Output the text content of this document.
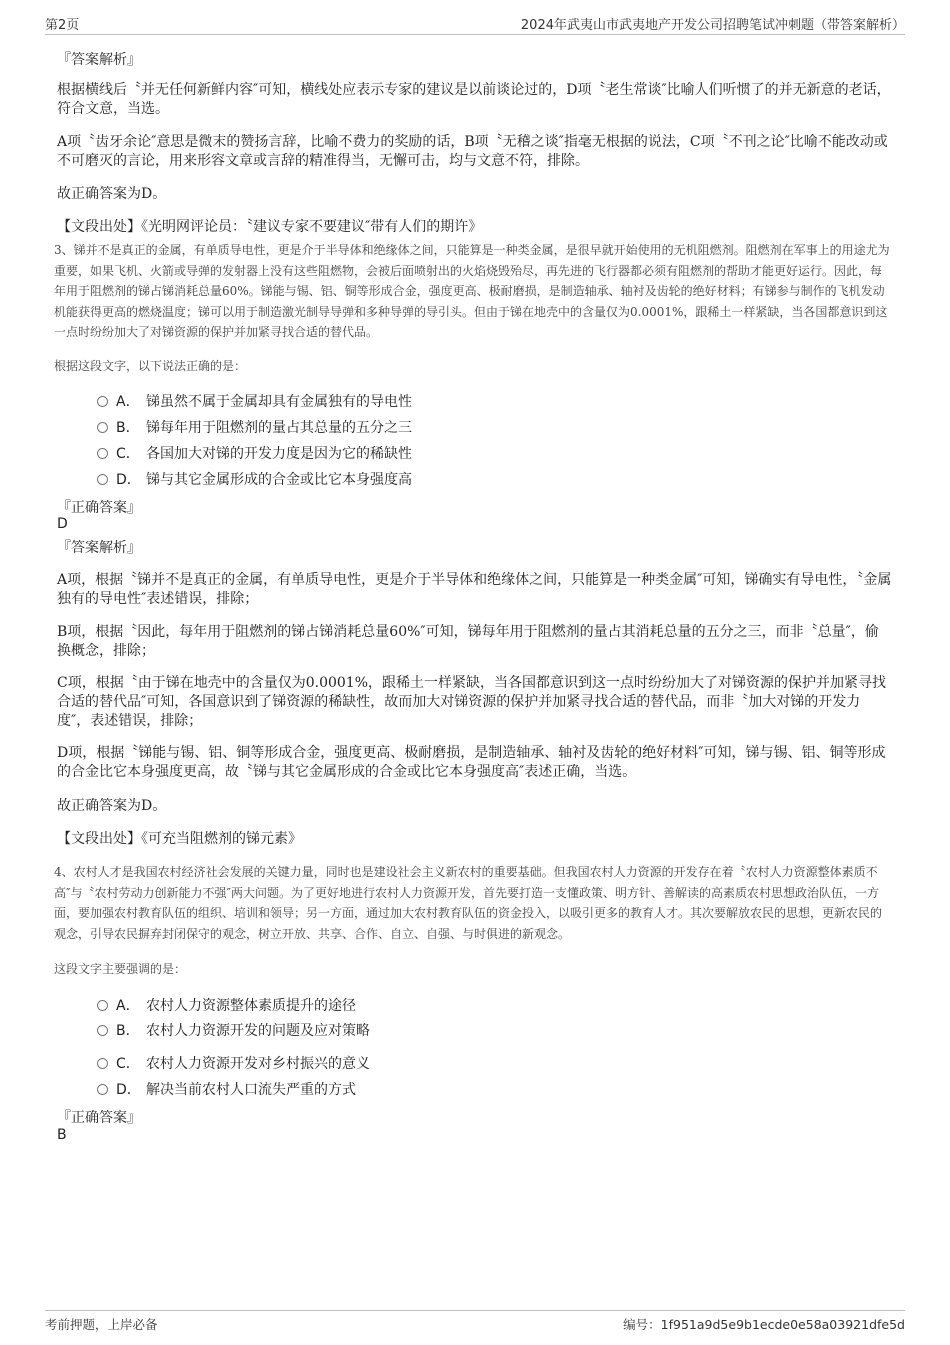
第2页	2024年武夷山市武夷地产开发公司招聘笔试冲刺题（带答案解析）
『答案解析』
根据横线后〝并无任何新鲜内容″可知，横线处应表示专家的建议是以前谈论过的，D项〝老生常谈″比喻人们听惯了的并无新意的老话，符合文意，当选。
A项〝齿牙余论″意思是微末的赞扬言辞，比喻不费力的奖励的话，B项〝无稽之谈″指毫无根据的说法，C项〝不刊之论″比喻不能改动或不可磨灭的言论，用来形容文章或言辞的精准得当，无懈可击，均与文意不符，排除。
故正确答案为D。
【文段出处】《光明网评论员：〝建议专家不要建议″带有人们的期许》
3、锑并不是真正的金属，有单质导电性，更是介于半导体和绝缘体之间，只能算是一种类金属，是很早就开始使用的无机阻燃剂。阻燃剂在军事上的用途尤为重要，如果飞机、火箭或导弹的发射器上没有这些阻燃物，会被后面喷射出的火焰烧毁殆尽，再先进的飞行器都必须有阻燃剂的帮助才能更好运行。因此，每年用于阻燃剂的锑占锑消耗总量60%。锑能与锡、铝、铜等形成合金，强度更高、极耐磨损，是制造轴承、轴衬及齿轮的绝好材料；有锑参与制作的飞机发动机能获得更高的燃烧温度；锑可以用于制造激光制导导弹和多种导弹的导引头。但由于锑在地壳中的含量仅为0.0001%，跟稀土一样紧缺，当各国都意识到这一点时纷纷加大了对锑资源的保护并加紧寻找合适的替代品。
根据这段文字，以下说法正确的是：
A． 锑虽然不属于金属却具有金属独有的导电性
B． 锑每年用于阻燃剂的量占其总量的五分之三
C． 各国加大对锑的开发力度是因为它的稀缺性
D． 锑与其它金属形成的合金或比它本身强度高
『正确答案』
D
『答案解析』
A项，根据〝锑并不是真正的金属，有单质导电性，更是介于半导体和绝缘体之间，只能算是一种类金属″可知，锑确实有导电性，〝金属独有的导电性″表述错误，排除；
B项，根据〝因此，每年用于阻燃剂的锑占锑消耗总量60%″可知，锑每年用于阻燃剂的量占其消耗总量的五分之三，而非〝总量″，偷换概念，排除；
C项，根据〝由于锑在地壳中的含量仅为0.0001%，跟稀土一样紧缺，当各国都意识到这一点时纷纷加大了对锑资源的保护并加紧寻找合适的替代品″可知，各国意识到了锑资源的稀缺性，故而加大对锑资源的保护并加紧寻找合适的替代品，而非〝加大对锑的开发力度″，表述错误，排除；
D项，根据〝锑能与锡、铝、铜等形成合金，强度更高、极耐磨损，是制造轴承、轴衬及齿轮的绝好材料″可知，锑与锡、铝、铜等形成的合金比它本身强度更高，故〝锑与其它金属形成的合金或比它本身强度高″表述正确，当选。
故正确答案为D。
【文段出处】《可充当阻燃剂的锑元素》
4、农村人才是我国农村经济社会发展的关键力量，同时也是建设社会主义新农村的重要基础。但我国农村人力资源的开发存在着〝农村人力资源整体素质不高″与〝农村劳动力创新能力不强″两大问题。为了更好地进行农村人力资源开发，首先要打造一支懂政策、明方针、善解读的高素质农村思想政治队伍，一方面，要加强农村教育队伍的组织、培训和领导；另一方面，通过加大农村教育队伍的资金投入，以吸引更多的教育人才。其次要解放农民的思想，更新农民的观念，引导农民摒弃封闭保守的观念，树立开放、共享、合作、自立、自强、与时俱进的新观念。
这段文字主要强调的是：
A． 农村人力资源整体素质提升的途径
B． 农村人力资源开发的问题及应对策略
C． 农村人力资源开发对乡村振兴的意义
D． 解决当前农村人口流失严重的方式
『正确答案』
B
考前押题，上岸必备	编号：1f951a9d5e9b1ecde0e58a03921dfe5d
